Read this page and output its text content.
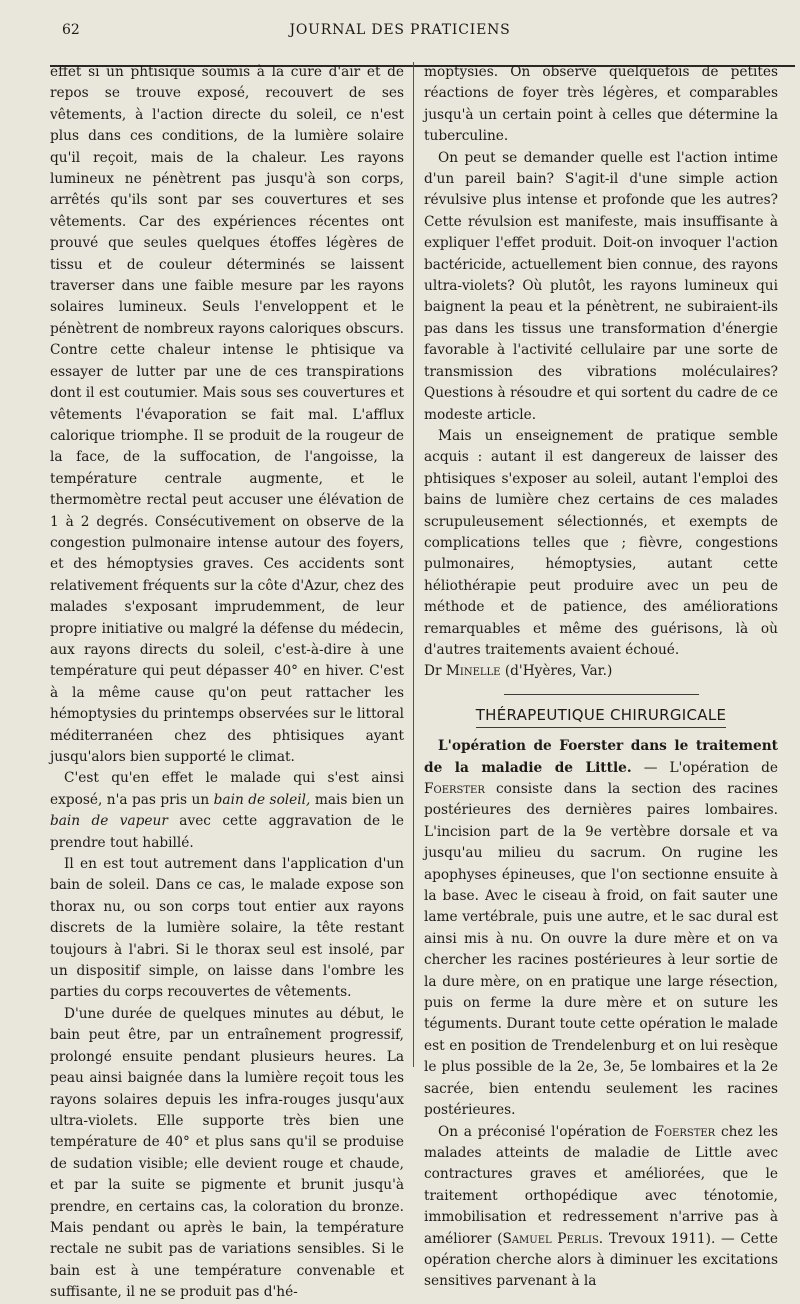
62	JOURNAL DES PRATICIENS

effet si un phtisique soumis à la cure d'air et de repos se trouve exposé, recouvert de ses vêtements, à l'action directe du soleil, ce n'est plus dans ces conditions, de la lumière solaire qu'il reçoit, mais de la chaleur. Les rayons lumineux ne pénètrent pas jusqu'à son corps, arrêtés qu'ils sont par ses couvertures et ses vêtements. Car des expériences récentes ont prouvé que seules quelques étoffes légères de tissu et de couleur déterminés se laissent traverser dans une faible mesure par les rayons solaires lumineux. Seuls l'enveloppent et le pénètrent de nombreux rayons caloriques obscurs. Contre cette chaleur intense le phtisique va essayer de lutter par une de ces transpirations dont il est coutumier. Mais sous ses couvertures et vêtements l'évaporation se fait mal. L'afflux calorique triomphe. Il se produit de la rougeur de la face, de la suffocation, de l'angoisse, la température centrale augmente, et le thermomètre rectal peut accuser une élévation de 1 à 2 degrés. Consécutivement on observe de la congestion pulmonaire intense autour des foyers, et des hémoptysies graves. Ces accidents sont relativement fréquents sur la côte d'Azur, chez des malades s'exposant imprudemment, de leur propre initiative ou malgré la défense du médecin, aux rayons directs du soleil, c'est-à-dire à une température qui peut dépasser 40° en hiver. C'est à la même cause qu'on peut rattacher les hémoptysies du printemps observées sur le littoral méditerranéen chez des phtisiques ayant jusqu'alors bien supporté le climat.

C'est qu'en effet le malade qui s'est ainsi exposé, n'a pas pris un bain de soleil, mais bien un bain de vapeur avec cette aggravation de le prendre tout habillé.

Il en est tout autrement dans l'application d'un bain de soleil. Dans ce cas, le malade expose son thorax nu, ou son corps tout entier aux rayons discrets de la lumière solaire, la tête restant toujours à l'abri. Si le thorax seul est insolé, par un dispositif simple, on laisse dans l'ombre les parties du corps recouvertes de vêtements.

D'une durée de quelques minutes au début, le bain peut être, par un entraînement progressif, prolongé ensuite pendant plusieurs heures. La peau ainsi baignée dans la lumière reçoit tous les rayons solaires depuis les infra-rouges jusqu'aux ultra-violets. Elle supporte très bien une température de 40° et plus sans qu'il se produise de sudation visible; elle devient rouge et chaude, et par la suite se pigmente et brunit jusqu'à prendre, en certains cas, la coloration du bronze. Mais pendant ou après le bain, la température rectale ne subit pas de variations sensibles. Si le bain est à une température convenable et suffisante, il ne se produit pas d'hé-

moptysies. On observe quelquefois de petites réactions de foyer très légères, et comparables jusqu'à un certain point à celles que détermine la tuberculine.

On peut se demander quelle est l'action intime d'un pareil bain? S'agit-il d'une simple action révulsive plus intense et profonde que les autres? Cette révulsion est manifeste, mais insuffisante à expliquer l'effet produit. Doit-on invoquer l'action bactéricide, actuellement bien connue, des rayons ultra-violets? Où plutôt, les rayons lumineux qui baignent la peau et la pénètrent, ne subiraient-ils pas dans les tissus une transformation d'énergie favorable à l'activité cellulaire par une sorte de transmission des vibrations moléculaires? Questions à résoudre et qui sortent du cadre de ce modeste article.

Mais un enseignement de pratique semble acquis : autant il est dangereux de laisser des phtisiques s'exposer au soleil, autant l'emploi des bains de lumière chez certains de ces malades scrupuleusement sélectionnés, et exempts de complications telles que ; fièvre, congestions pulmonaires, hémoptysies, autant cette héliothérapie peut produire avec un peu de méthode et de patience, des améliorations remarquables et même des guérisons, là où d'autres traitements avaient échoué.

Dr Minelle (d'Hyères, Var.)

THÉRAPEUTIQUE CHIRURGICALE

L'opération de Foerster dans le traitement de la maladie de Little. — L'opération de Foerster consiste dans la section des racines postérieures des dernières paires lombaires. L'incision part de la 9e vertèbre dorsale et va jusqu'au milieu du sacrum. On rugine les apophyses épineuses, que l'on sectionne ensuite à la base. Avec le ciseau à froid, on fait sauter une lame vertébrale, puis une autre, et le sac dural est ainsi mis à nu. On ouvre la dure mère et on va chercher les racines postérieures à leur sortie de la dure mère, on en pratique une large résection, puis on ferme la dure mère et on suture les téguments. Durant toute cette opération le malade est en position de Trendelenburg et on lui resèque le plus possible de la 2e, 3e, 5e lombaires et la 2e sacrée, bien entendu seulement les racines postérieures.

On a préconisé l'opération de Foerster chez les malades atteints de maladie de Little avec contractures graves et améliorées, que le traitement orthopédique avec ténotomie, immobilisation et redressement n'arrive pas à améliorer (Samuel Perlis. Trevoux 1911). — Cette opération cherche alors à diminuer les excitations sensitives parvenant à la
